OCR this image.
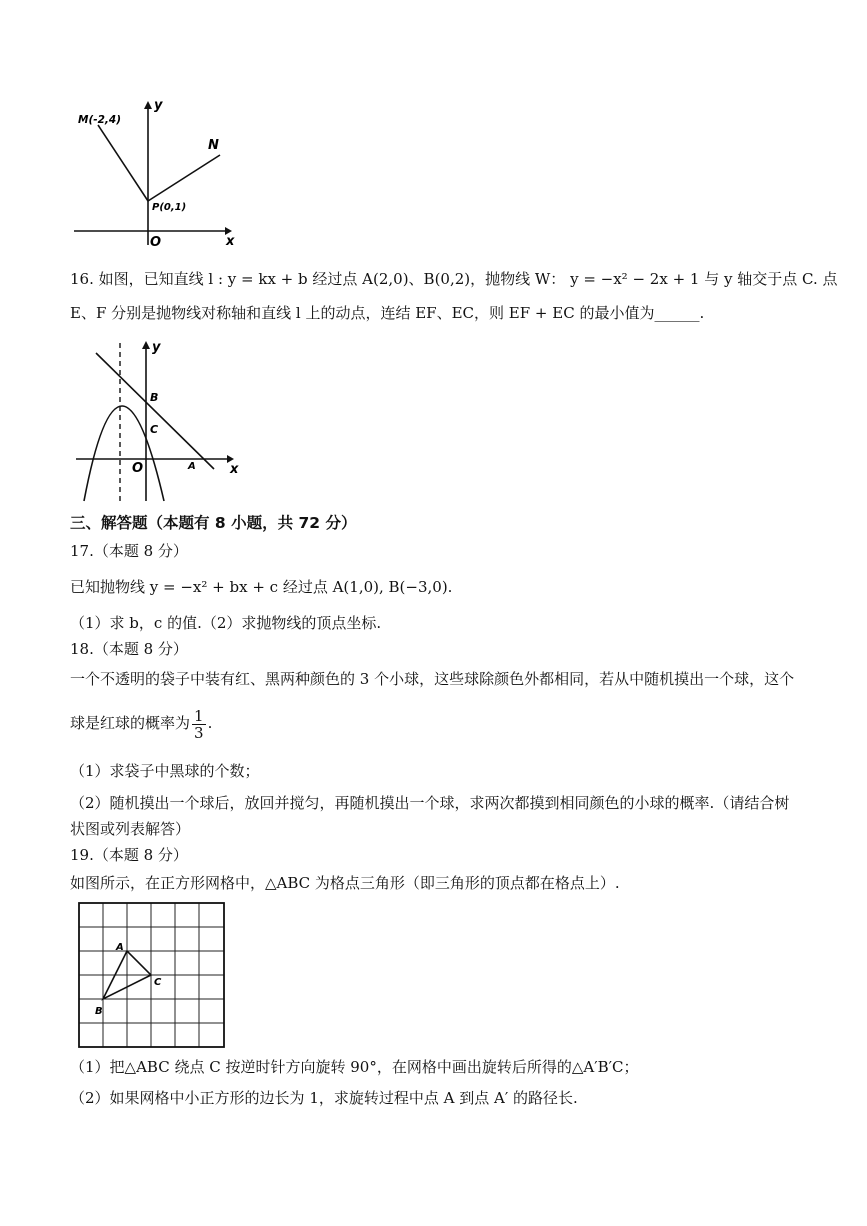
y
x
O
M(-2,4)
N
P(0,1)
16. 如图，已知直线 l : y = kx + b 经过点 A(2,0)、B(0,2)，抛物线 W： y = −x² − 2x + 1 与 y 轴交于点 C. 点
E、F 分别是抛物线对称轴和直线 l 上的动点，连结 EF、EC，则 EF + EC 的最小值为______.
y
x
O
B
C
A
三、解答题（本题有 8 小题，共 72 分）
17.（本题 8 分）
已知抛物线 y = −x² + bx + c 经过点 A(1,0), B(−3,0).
（1）求 b，c 的值.（2）求抛物线的顶点坐标.
18.（本题 8 分）
一个不透明的袋子中装有红、黑两种颜色的 3 个小球，这些球除颜色外都相同，若从中随机摸出一个球，这个
球是红球的概率为 $\frac{1}{3}$ .
（1）求袋子中黑球的个数；
（2）随机摸出一个球后，放回并搅匀，再随机摸出一个球，求两次都摸到相同颜色的小球的概率.（请结合树
状图或列表解答）
19.（本题 8 分）
如图所示，在正方形网格中，△ABC 为格点三角形（即三角形的顶点都在格点上）.
A
B
C
（1）把△ABC 绕点 C 按逆时针方向旋转 90°，在网格中画出旋转后所得的△A′B′C；
（2）如果网格中小正方形的边长为 1，求旋转过程中点 A 到点 A′ 的路径长.
